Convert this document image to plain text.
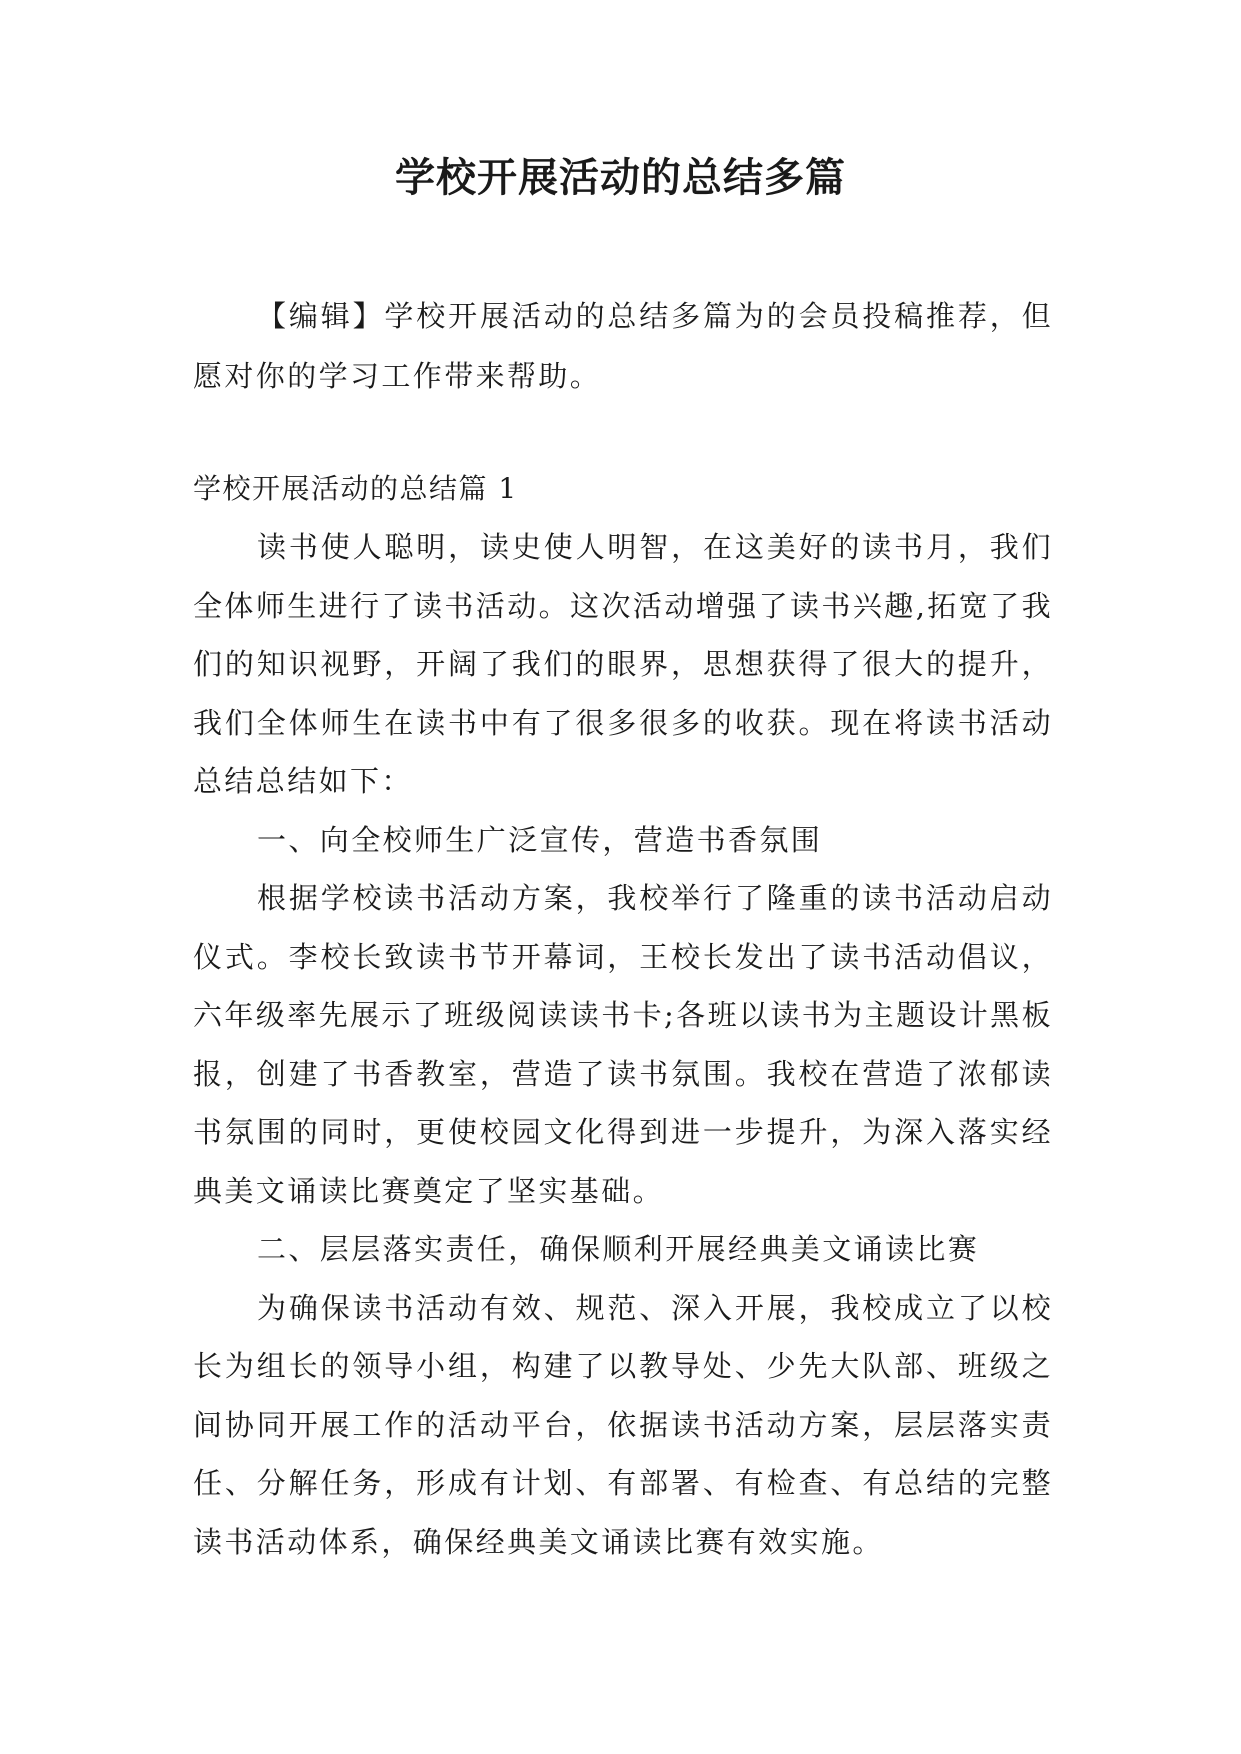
学校开展活动的总结多篇

【编辑】学校开展活动的总结多篇为的会员投稿推荐，但愿对你的学习工作带来帮助。

学校开展活动的总结篇 1

读书使人聪明，读史使人明智，在这美好的读书月，我们全体师生进行了读书活动。这次活动增强了读书兴趣,拓宽了我们的知识视野，开阔了我们的眼界，思想获得了很大的提升，我们全体师生在读书中有了很多很多的收获。现在将读书活动总结总结如下：

一、向全校师生广泛宣传，营造书香氛围

根据学校读书活动方案，我校举行了隆重的读书活动启动仪式。李校长致读书节开幕词，王校长发出了读书活动倡议，六年级率先展示了班级阅读读书卡;各班以读书为主题设计黑板报，创建了书香教室，营造了读书氛围。我校在营造了浓郁读书氛围的同时，更使校园文化得到进一步提升，为深入落实经典美文诵读比赛奠定了坚实基础。

二、层层落实责任，确保顺利开展经典美文诵读比赛

为确保读书活动有效、规范、深入开展，我校成立了以校长为组长的领导小组，构建了以教导处、少先大队部、班级之间协同开展工作的活动平台，依据读书活动方案，层层落实责任、分解任务，形成有计划、有部署、有检查、有总结的完整读书活动体系，确保经典美文诵读比赛有效实施。
